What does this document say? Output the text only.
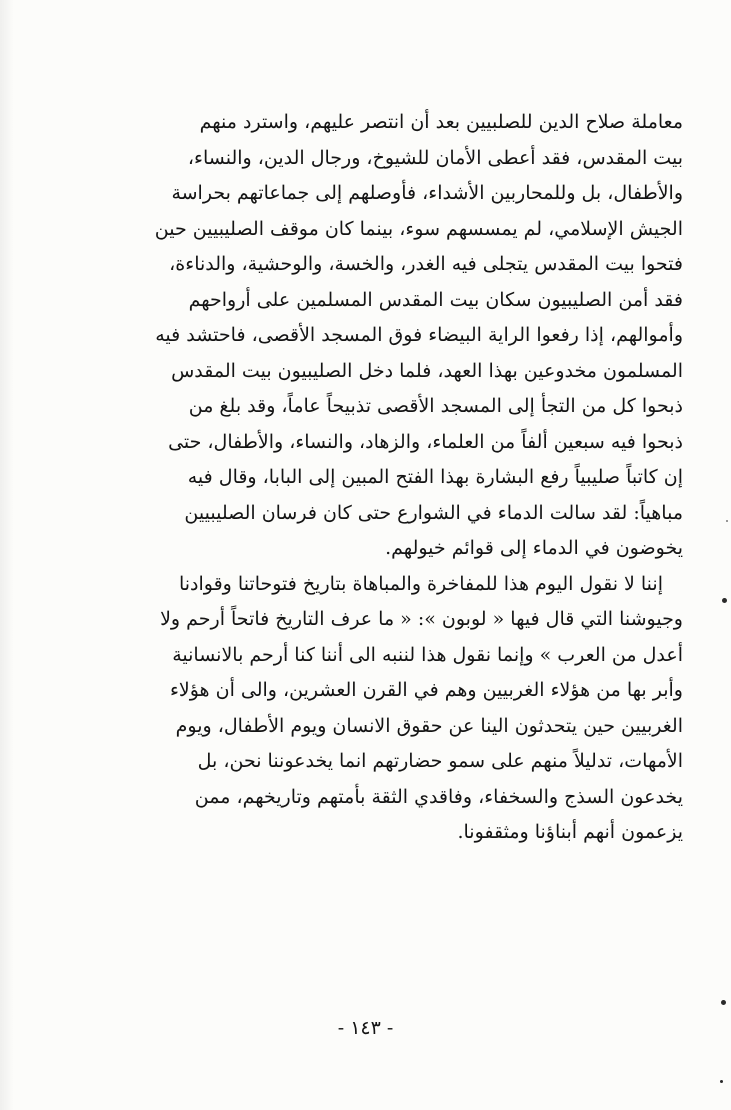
معاملة صلاح الدين للصلبيين بعد أن انتصر عليهم، واسترد منهم
بيت المقدس، فقد أعطى الأمان للشيوخ، ورجال الدين، والنساء،
والأطفال، بل وللمحاربين الأشداء، فأوصلهم إلى جماعاتهم بحراسة
الجيش الإسلامي، لم يمسسهم سوء، بينما كان موقف الصليبيين حين
فتحوا بيت المقدس يتجلى فيه الغدر، والخسة، والوحشية، والدناءة،
فقد أمن الصليبيون سكان بيت المقدس المسلمين على أرواحهم
وأموالهم، إذا رفعوا الراية البيضاء فوق المسجد الأقصى، فاحتشد فيه
المسلمون مخدوعين بهذا العهد، فلما دخل الصليبيون بيت المقدس
ذبحوا كل من التجأ إلى المسجد الأقصى تذبيحاً عاماً، وقد بلغ من
ذبحوا فيه سبعين ألفاً من العلماء، والزهاد، والنساء، والأطفال، حتى
إن كاتباً صليبياً رفع البشارة بهذا الفتح المبين إلى البابا، وقال فيه
مباهياً: لقد سالت الدماء في الشوارع حتى كان فرسان الصليبيين
يخوضون في الدماء إلى قوائم خيولهم.
إننا لا نقول اليوم هذا للمفاخرة والمباهاة بتاريخ فتوحاتنا وقوادنا
وجيوشنا التي قال فيها « لوبون »: « ما عرف التاريخ فاتحاً أرحم ولا
أعدل من العرب » وإنما نقول هذا لننبه الى أننا كنا أرحم بالانسانية
وأبر بها من هؤلاء الغربيين وهم في القرن العشرين، والى أن هؤلاء
الغربيين حين يتحدثون الينا عن حقوق الانسان ويوم الأطفال، ويوم
الأمهات، تدليلاً منهم على سمو حضارتهم انما يخدعوننا نحن، بل
يخدعون السذج والسخفاء، وفاقدي الثقة بأمتهم وتاريخهم، ممن
يزعمون أنهم أبناؤنا ومثقفونا.
- ١٤٣ -
